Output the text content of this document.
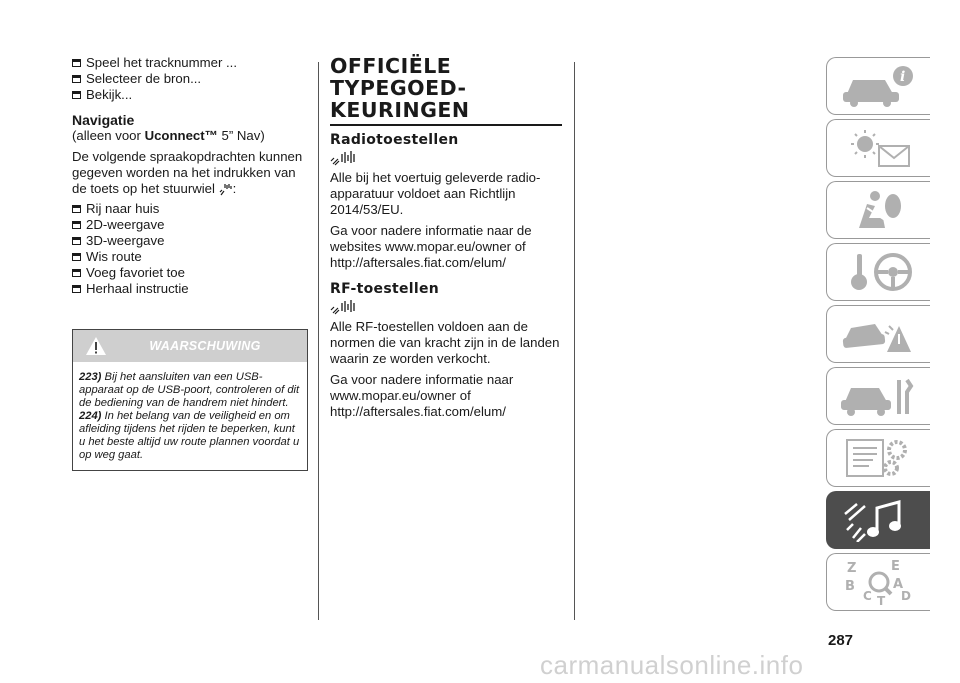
Speel het tracknummer ...
Selecteer de bron...
Bekijk...
Navigatie
(alleen voor Uconnect™ 5” Nav)
De volgende spraakopdrachten kunnen gegeven worden na het indrukken van de toets op het stuurwiel :
Rij naar huis
2D-weergave
3D-weergave
Wis route
Voeg favoriet toe
Herhaal instructie
WAARSCHUWING
223) Bij het aansluiten van een USB-apparaat op de USB-poort, controleren of dit de bediening van de handrem niet hindert.
224) In het belang van de veiligheid en om afleiding tijdens het rijden te beperken, kunt u het beste altijd uw route plannen voordat u op weg gaat.
OFFICIËLE
TYPEGOED-
KEURINGEN
Radiotoestellen
Alle bij het voertuig geleverde radio-apparatuur voldoet aan Richtlijn 2014/53/EU.
Ga voor nadere informatie naar de websites www.mopar.eu/owner of http://aftersales.fiat.com/elum/
RF-toestellen
Alle RF-toestellen voldoen aan de normen die van kracht zijn in de landen waarin ze worden verkocht.
Ga voor nadere informatie naar www.mopar.eu/owner of http://aftersales.fiat.com/elum/
i
Z	E
B	A
C D
T
287
carmanualsonline.info
